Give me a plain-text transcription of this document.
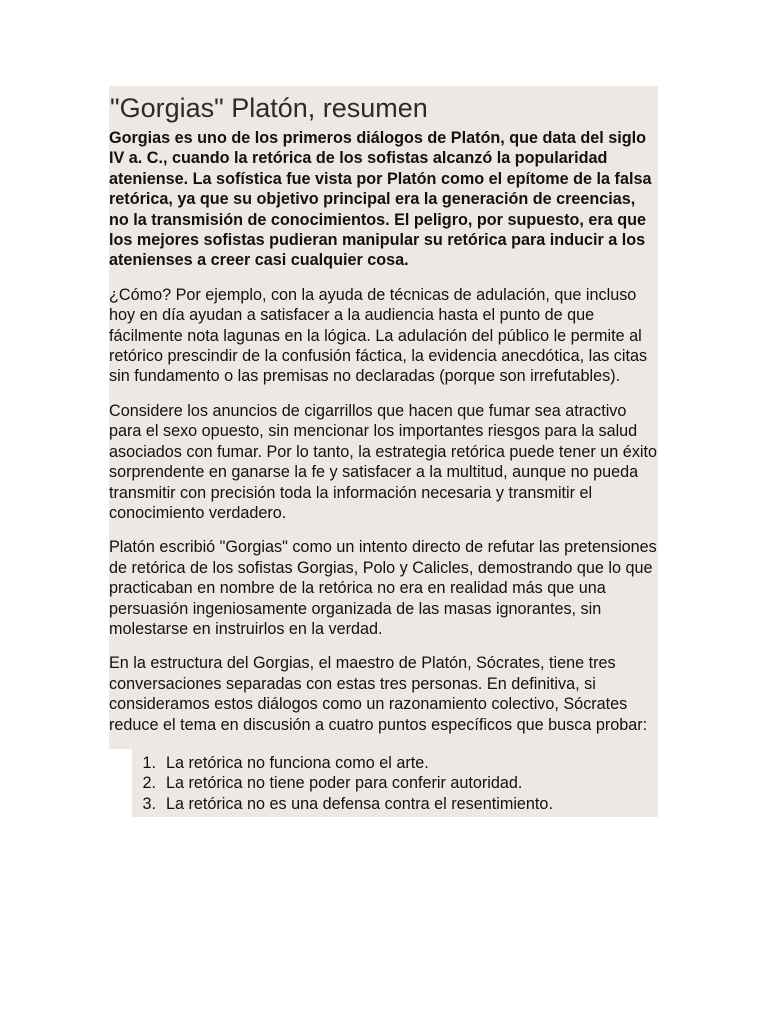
"Gorgias" Platón, resumen

Gorgias es uno de los primeros diálogos de Platón, que data del siglo IV a. C., cuando la retórica de los sofistas alcanzó la popularidad ateniense. La sofística fue vista por Platón como el epítome de la falsa retórica, ya que su objetivo principal era la generación de creencias, no la transmisión de conocimientos. El peligro, por supuesto, era que los mejores sofistas pudieran manipular su retórica para inducir a los atenienses a creer casi cualquier cosa.

¿Cómo? Por ejemplo, con la ayuda de técnicas de adulación, que incluso hoy en día ayudan a satisfacer a la audiencia hasta el punto de que fácilmente nota lagunas en la lógica. La adulación del público le permite al retórico prescindir de la confusión fáctica, la evidencia anecdótica, las citas sin fundamento o las premisas no declaradas (porque son irrefutables).

Considere los anuncios de cigarrillos que hacen que fumar sea atractivo para el sexo opuesto, sin mencionar los importantes riesgos para la salud asociados con fumar. Por lo tanto, la estrategia retórica puede tener un éxito sorprendente en ganarse la fe y satisfacer a la multitud, aunque no pueda transmitir con precisión toda la información necesaria y transmitir el conocimiento verdadero.

Platón escribió "Gorgias" como un intento directo de refutar las pretensiones de retórica de los sofistas Gorgias, Polo y Calicles, demostrando que lo que practicaban en nombre de la retórica no era en realidad más que una persuasión ingeniosamente organizada de las masas ignorantes, sin molestarse en instruirlos en la verdad.

En la estructura del Gorgias, el maestro de Platón, Sócrates, tiene tres conversaciones separadas con estas tres personas. En definitiva, si consideramos estos diálogos como un razonamiento colectivo, Sócrates reduce el tema en discusión a cuatro puntos específicos que busca probar:

1. La retórica no funciona como el arte.
2. La retórica no tiene poder para conferir autoridad.
3. La retórica no es una defensa contra el resentimiento.
